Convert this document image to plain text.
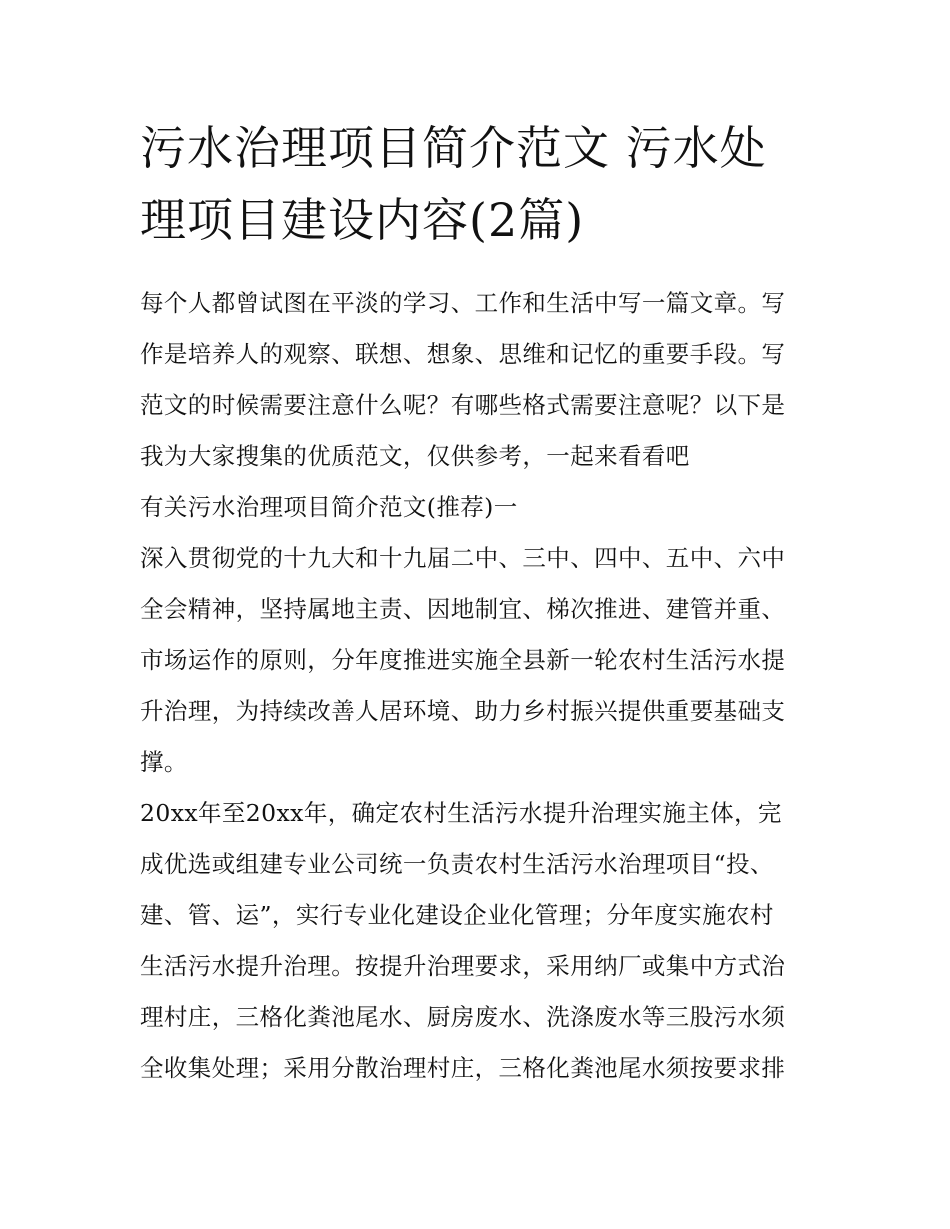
污水治理项目简介范文 污水处
理项目建设内容(2篇)
每个人都曾试图在平淡的学习、工作和生活中写一篇文章。写
作是培养人的观察、联想、想象、思维和记忆的重要手段。写
范文的时候需要注意什么呢？有哪些格式需要注意呢？以下是
我为大家搜集的优质范文，仅供参考，一起来看看吧
有关污水治理项目简介范文(推荐)一
深入贯彻党的十九大和十九届二中、三中、四中、五中、六中
全会精神，坚持属地主责、因地制宜、梯次推进、建管并重、
市场运作的原则，分年度推进实施全县新一轮农村生活污水提
升治理，为持续改善人居环境、助力乡村振兴提供重要基础支
撑。
20xx年至20xx年，确定农村生活污水提升治理实施主体，完
成优选或组建专业公司统一负责农村生活污水治理项目“投、
建、管、运”，实行专业化建设企业化管理；分年度实施农村
生活污水提升治理。按提升治理要求，采用纳厂或集中方式治
理村庄，三格化粪池尾水、厨房废水、洗涤废水等三股污水须
全收集处理；采用分散治理村庄，三格化粪池尾水须按要求排
